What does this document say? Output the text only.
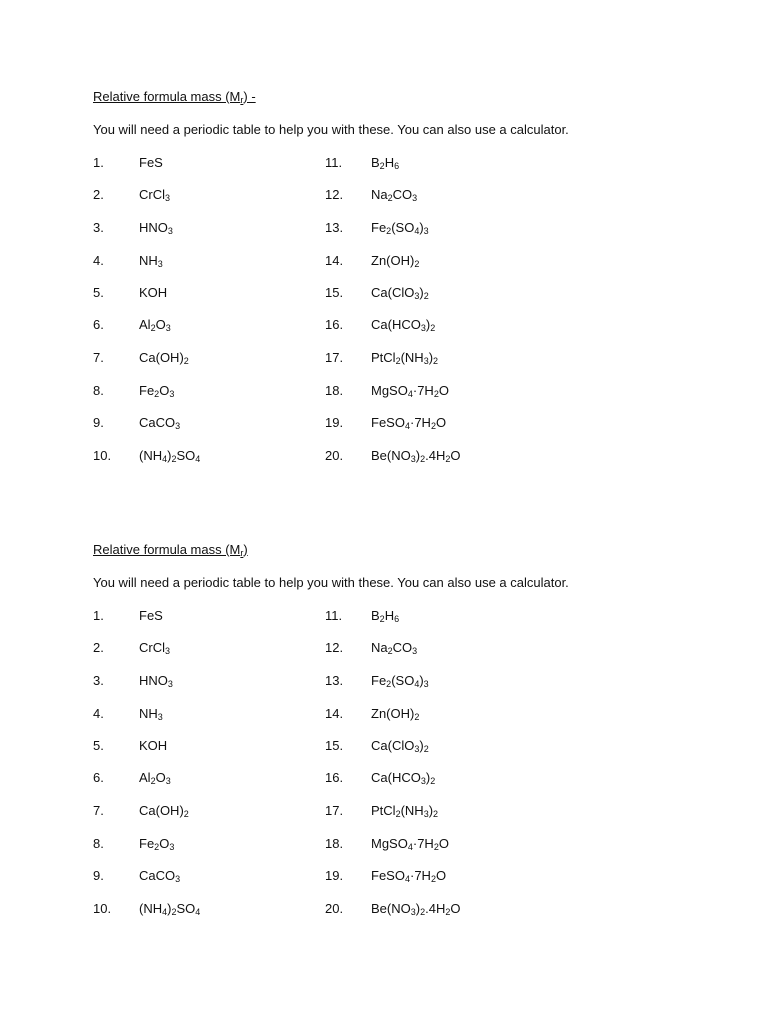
Relative formula mass $(M_r)$ -

You will need a periodic table to help you with these. You can also use a calculator.

1.	FeS	11. $B_2H_6$
2.	CrCl$_3$	12. $Na_2CO_3$
3.	$HNO_3$	13. $Fe_2(SO_4)_3$
4.	$NH_3$	14. $Zn(OH)_2$
5.	KOH	15. $Ca(ClO_3)_2$
6.	$Al_2O_3$	16. $Ca(HCO_3)_2$
7.	$Ca(OH)_2$	17. $PtCl_2(NH_3)_2$
8.	$Fe_2O_3$	18. $MgSO_4\cdot 7H_2O$
9.	CaCO$_3$	19. $FeSO_4\cdot 7H_2O$
10. $(NH_4)_2SO_4$	20. $Be(NO_3)_2.4H_2O$
Relative formula mass $(M_r)$

You will need a periodic table to help you with these. You can also use a calculator.

1.	FeS	11. $B_2H_6$
2.	CrCl$_3$	12. $Na_2CO_3$
3.	$HNO_3$	13. $Fe_2(SO_4)_3$
4.	$NH_3$	14. $Zn(OH)_2$
5.	KOH	15. $Ca(ClO_3)_2$
6.	$Al_2O_3$	16. $Ca(HCO_3)_2$
7.	$Ca(OH)_2$	17. $PtCl_2(NH_3)_2$
8.	$Fe_2O_3$	18. $MgSO_4\cdot 7H_2O$
9.	CaCO$_3$	19. $FeSO_4\cdot 7H_2O$
10. $(NH_4)_2SO_4$	20. $Be(NO_3)_2.4H_2O$
